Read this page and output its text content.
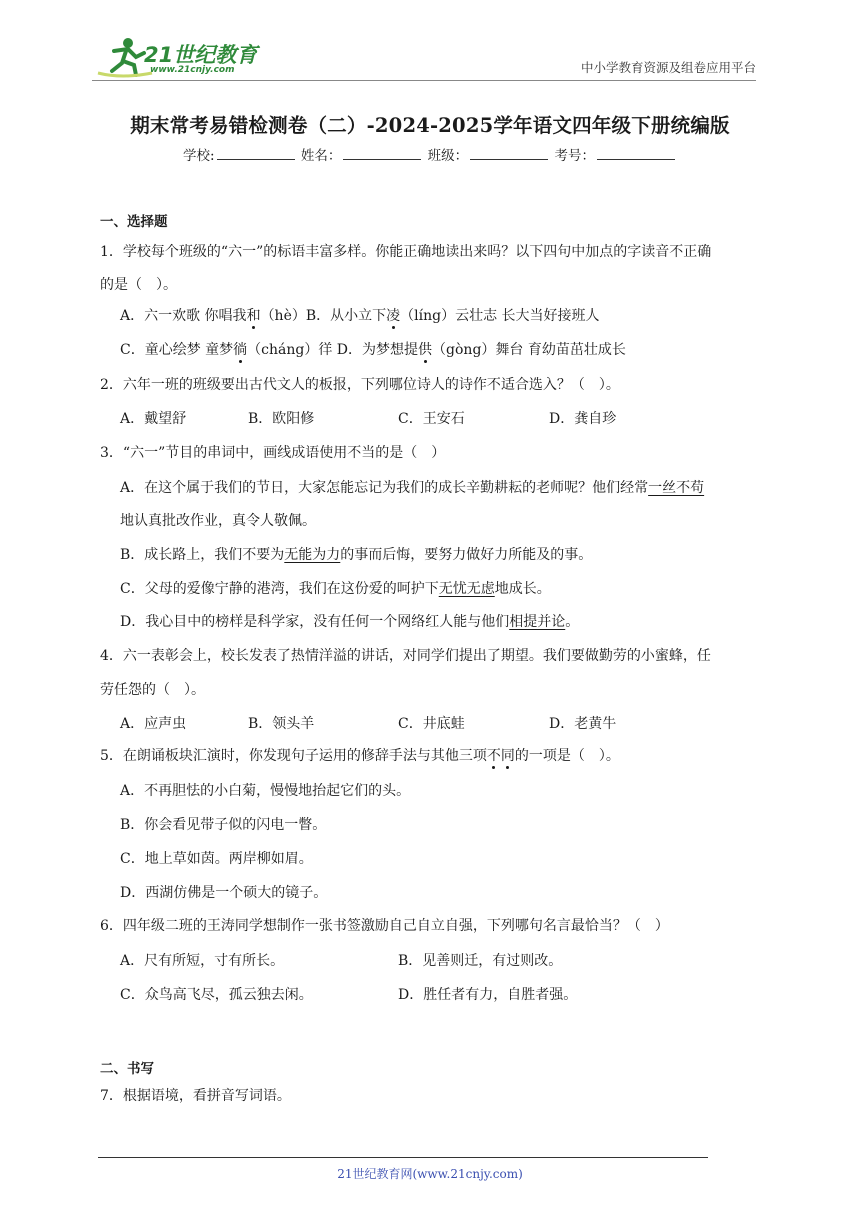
21世纪教育
www.21cnjy.com	中小学教育资源及组卷应用平台
期末常考易错检测卷（二）-2024-2025学年语文四年级下册统编版
学校:	姓名：	班级：	考号：
一、选择题
1．学校每个班级的“六一”的标语丰富多样。你能正确地读出来吗？以下四句中加点的字读音不正确
的是（　）。
A．六一欢歌 你唱我和（hè）B．从小立下凌（líng）云壮志 长大当好接班人
C．童心绘梦 童梦徜（cháng）徉 D．为梦想提供（gòng）舞台 育幼苗茁壮成长
2．六年一班的班级要出古代文人的板报，下列哪位诗人的诗作不适合选入？（　）。
A．戴望舒	B．欧阳修	C．王安石	D．龚自珍
3．“六一”节目的串词中，画线成语使用不当的是（　）
A．在这个属于我们的节日，大家怎能忘记为我们的成长辛勤耕耘的老师呢？他们经常一丝不苟
地认真批改作业，真令人敬佩。
B．成长路上，我们不要为无能为力的事而后悔，要努力做好力所能及的事。
C．父母的爱像宁静的港湾，我们在这份爱的呵护下无忧无虑地成长。
D．我心目中的榜样是科学家，没有任何一个网络红人能与他们相提并论。
4．六一表彰会上，校长发表了热情洋溢的讲话，对同学们提出了期望。我们要做勤劳的小蜜蜂，任
劳任怨的（　）。
A．应声虫	B．领头羊	C．井底蛙	D．老黄牛
5．在朗诵板块汇演时，你发现句子运用的修辞手法与其他三项不同的一项是（　）。
A．不再胆怯的小白菊，慢慢地抬起它们的头。
B．你会看见带子似的闪电一瞥。
C．地上草如茵。两岸柳如眉。
D．西湖仿佛是一个硕大的镜子。
6．四年级二班的王涛同学想制作一张书签激励自己自立自强，下列哪句名言最恰当？（　）
A．尺有所短，寸有所长。	B．见善则迁，有过则改。
C．众鸟高飞尽，孤云独去闲。	D．胜任者有力，自胜者强。
二、书写
7．根据语境，看拼音写词语。
21世纪教育网(www.21cnjy.com)
